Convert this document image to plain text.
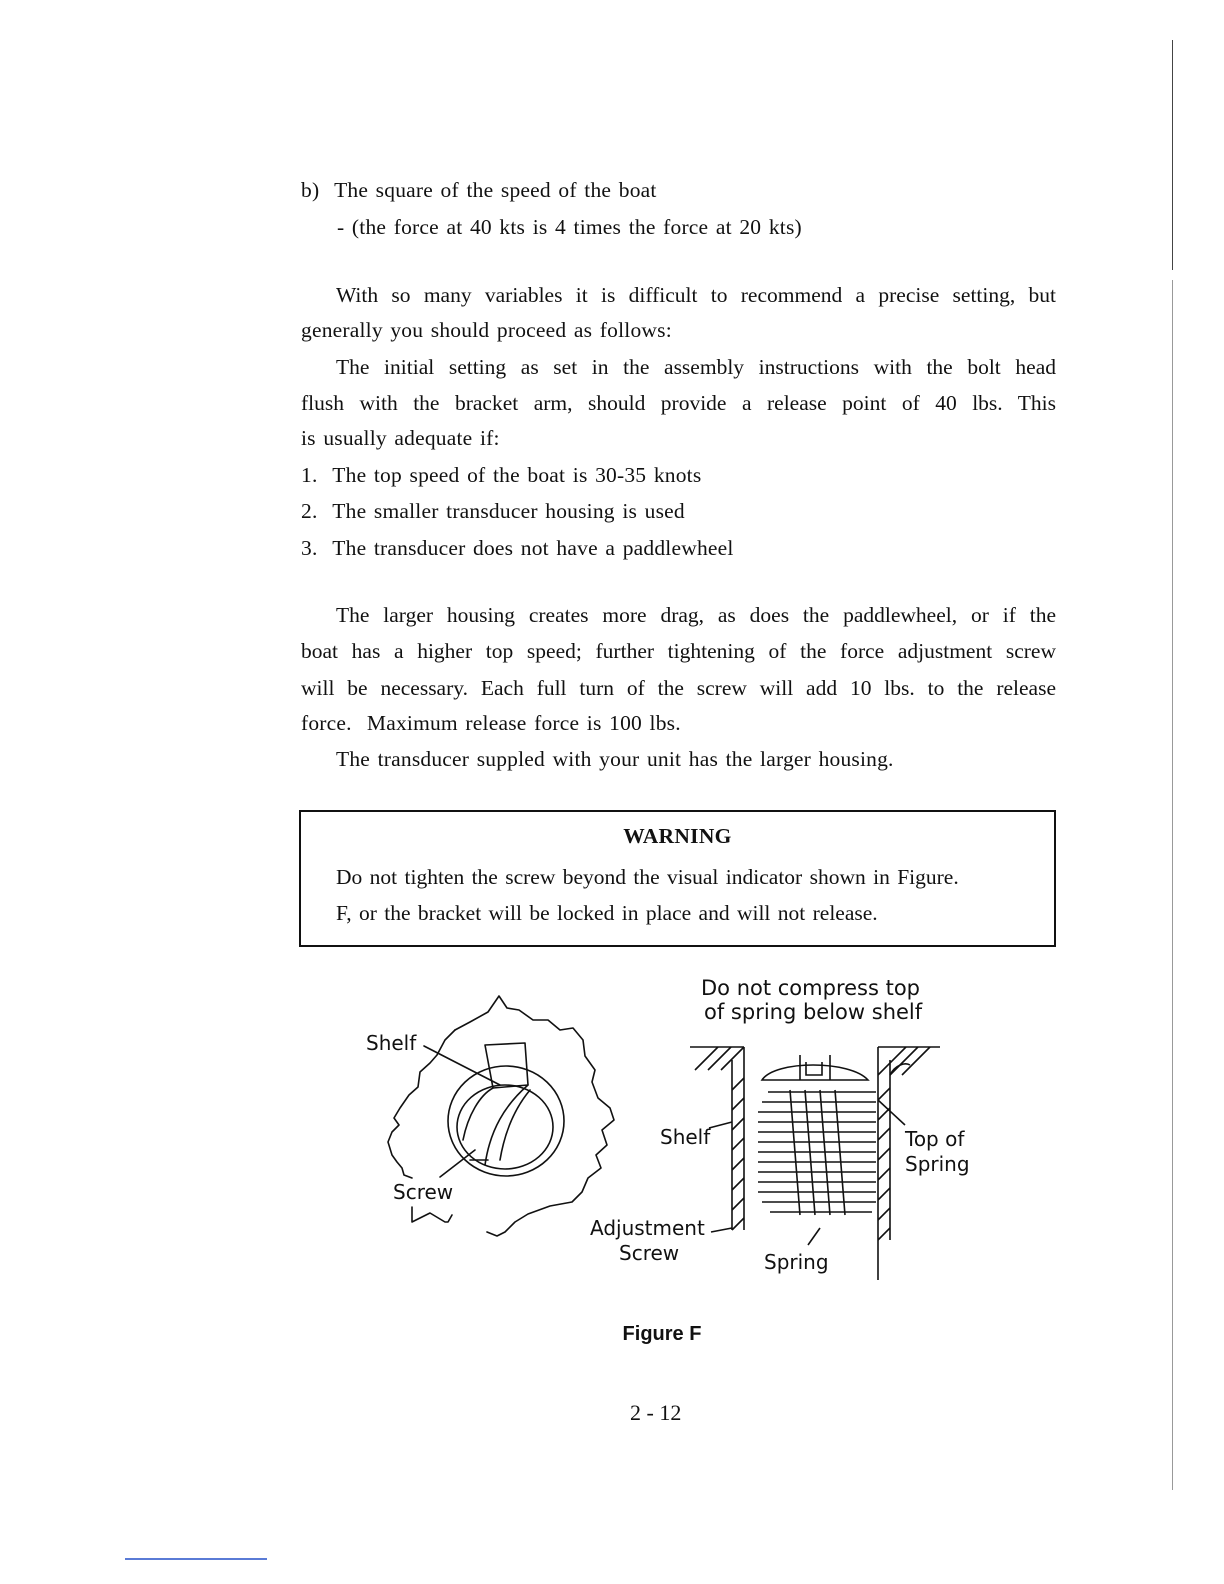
b)  The square of the speed of the boat
- (the force at 40 kts is 4 times the force at 20 kts)
With so many variables it is difficult to recommend a precise setting, but
generally you should proceed as follows:
The initial setting as set in the assembly instructions with the bolt head
flush with the bracket arm, should provide a release point of 40 lbs. This
is usually adequate if:
1.  The top speed of the boat is 30-35 knots
2.  The smaller transducer housing is used
3.  The transducer does not have a paddlewheel
The larger housing creates more drag, as does the paddlewheel, or if the
boat has a higher top speed; further tightening of the force adjustment screw
will be necessary. Each full turn of the screw will add 10 lbs. to the release
force.  Maximum release force is 100 lbs.
The transducer suppled with your unit has the larger housing.
WARNING
Do not tighten the screw beyond the visual indicator shown in Figure.
F, or the bracket will be locked in place and will not release.
Do not compress top
of spring below shelf
Shelf
Screw
Shelf
Adjustment
Screw	Spring
Top of
Spring
Figure F
2 - 12
